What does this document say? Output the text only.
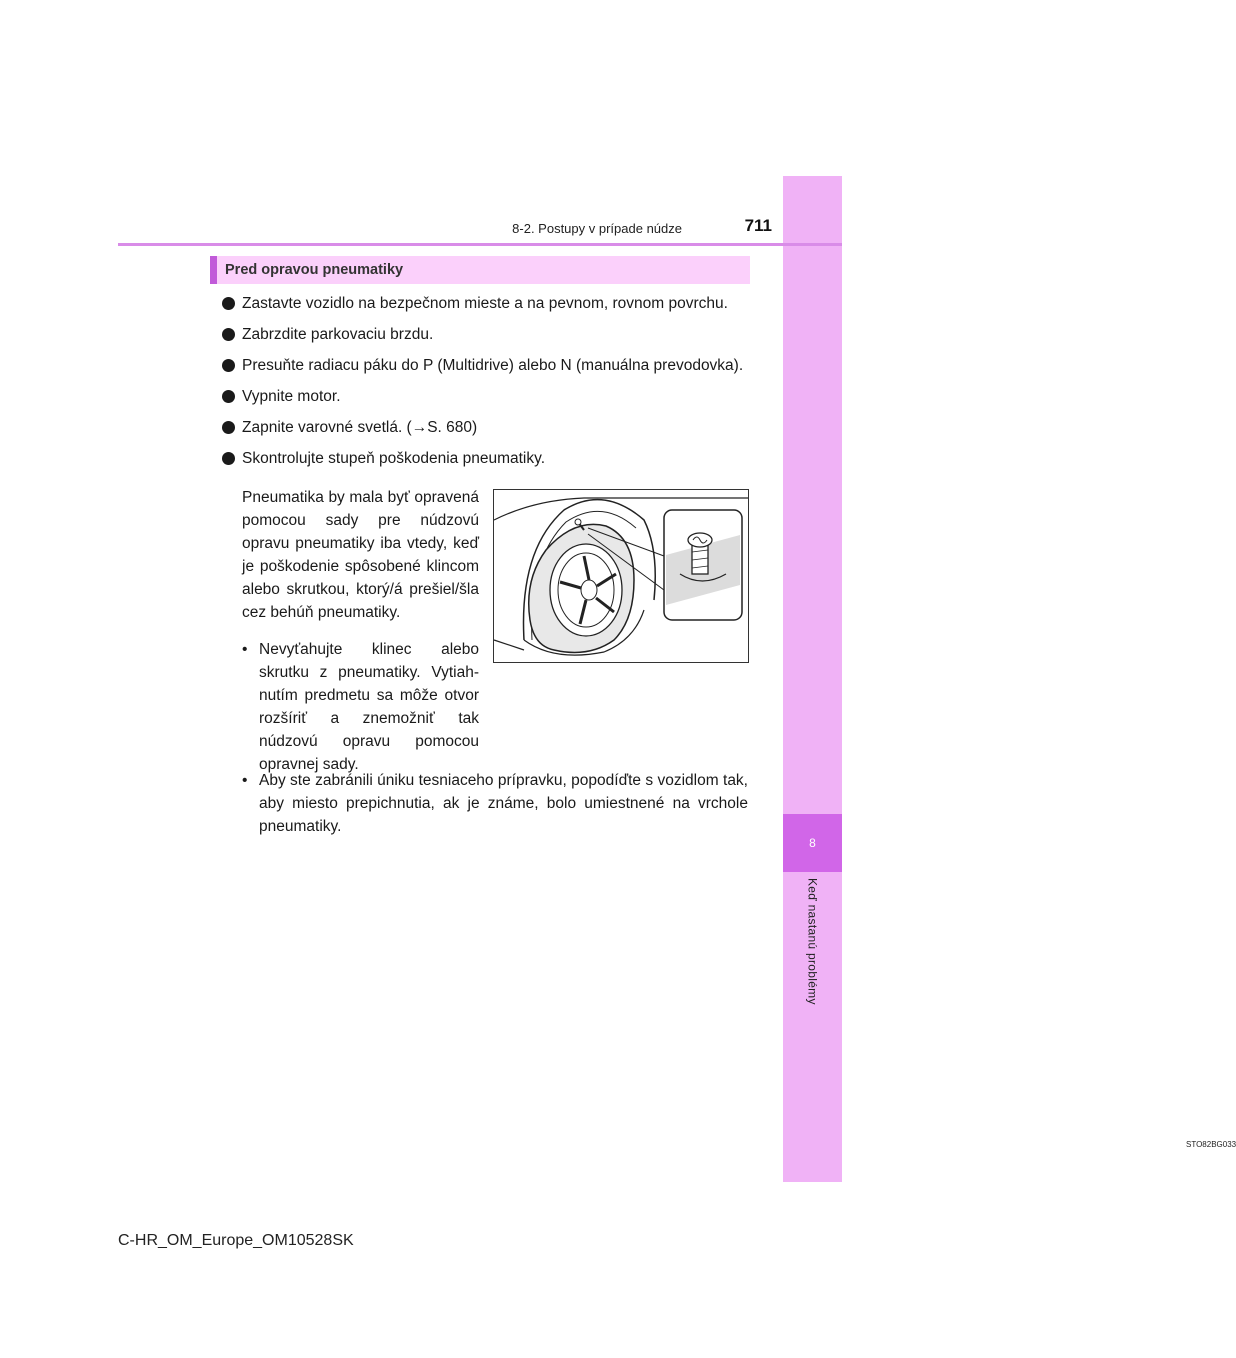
8
Keď nastanú problémy
8-2. Postupy v prípade núdze	711
Pred opravou pneumatiky
Zastavte vozidlo na bezpečnom mieste a na pevnom, rovnom povrchu.
Zabrzdite parkovaciu brzdu.
Presuňte radiacu páku do P (Multidrive) alebo N (manuálna prevodovka).
Vypnite motor.
Zapnite varovné svetlá. (→S. 680)
Skontrolujte stupeň poškodenia pneumatiky.

Pneumatika by mala byť opravená pomocou sady pre núdzovú opravu pneumatiky iba vtedy, keď je poškodenie spôsobené klincom alebo skrutkou, ktorý/á prešiel/šla cez behúň pneumatiky.

• Nevyťahujte klinec alebo skrutku z pneumatiky. Vytiahnutím predmetu sa môže otvor rozšíriť a znemožniť tak núdzovú opravu pomocou opravnej sady.
• Aby ste zabránili úniku tesniaceho prípravku, popodíďte s vozidlom tak, aby miesto prepichnutia, ak je známe, bolo umiestnené na vrchole pneumatiky.
STO82BG033
C-HR_OM_Europe_OM10528SK
